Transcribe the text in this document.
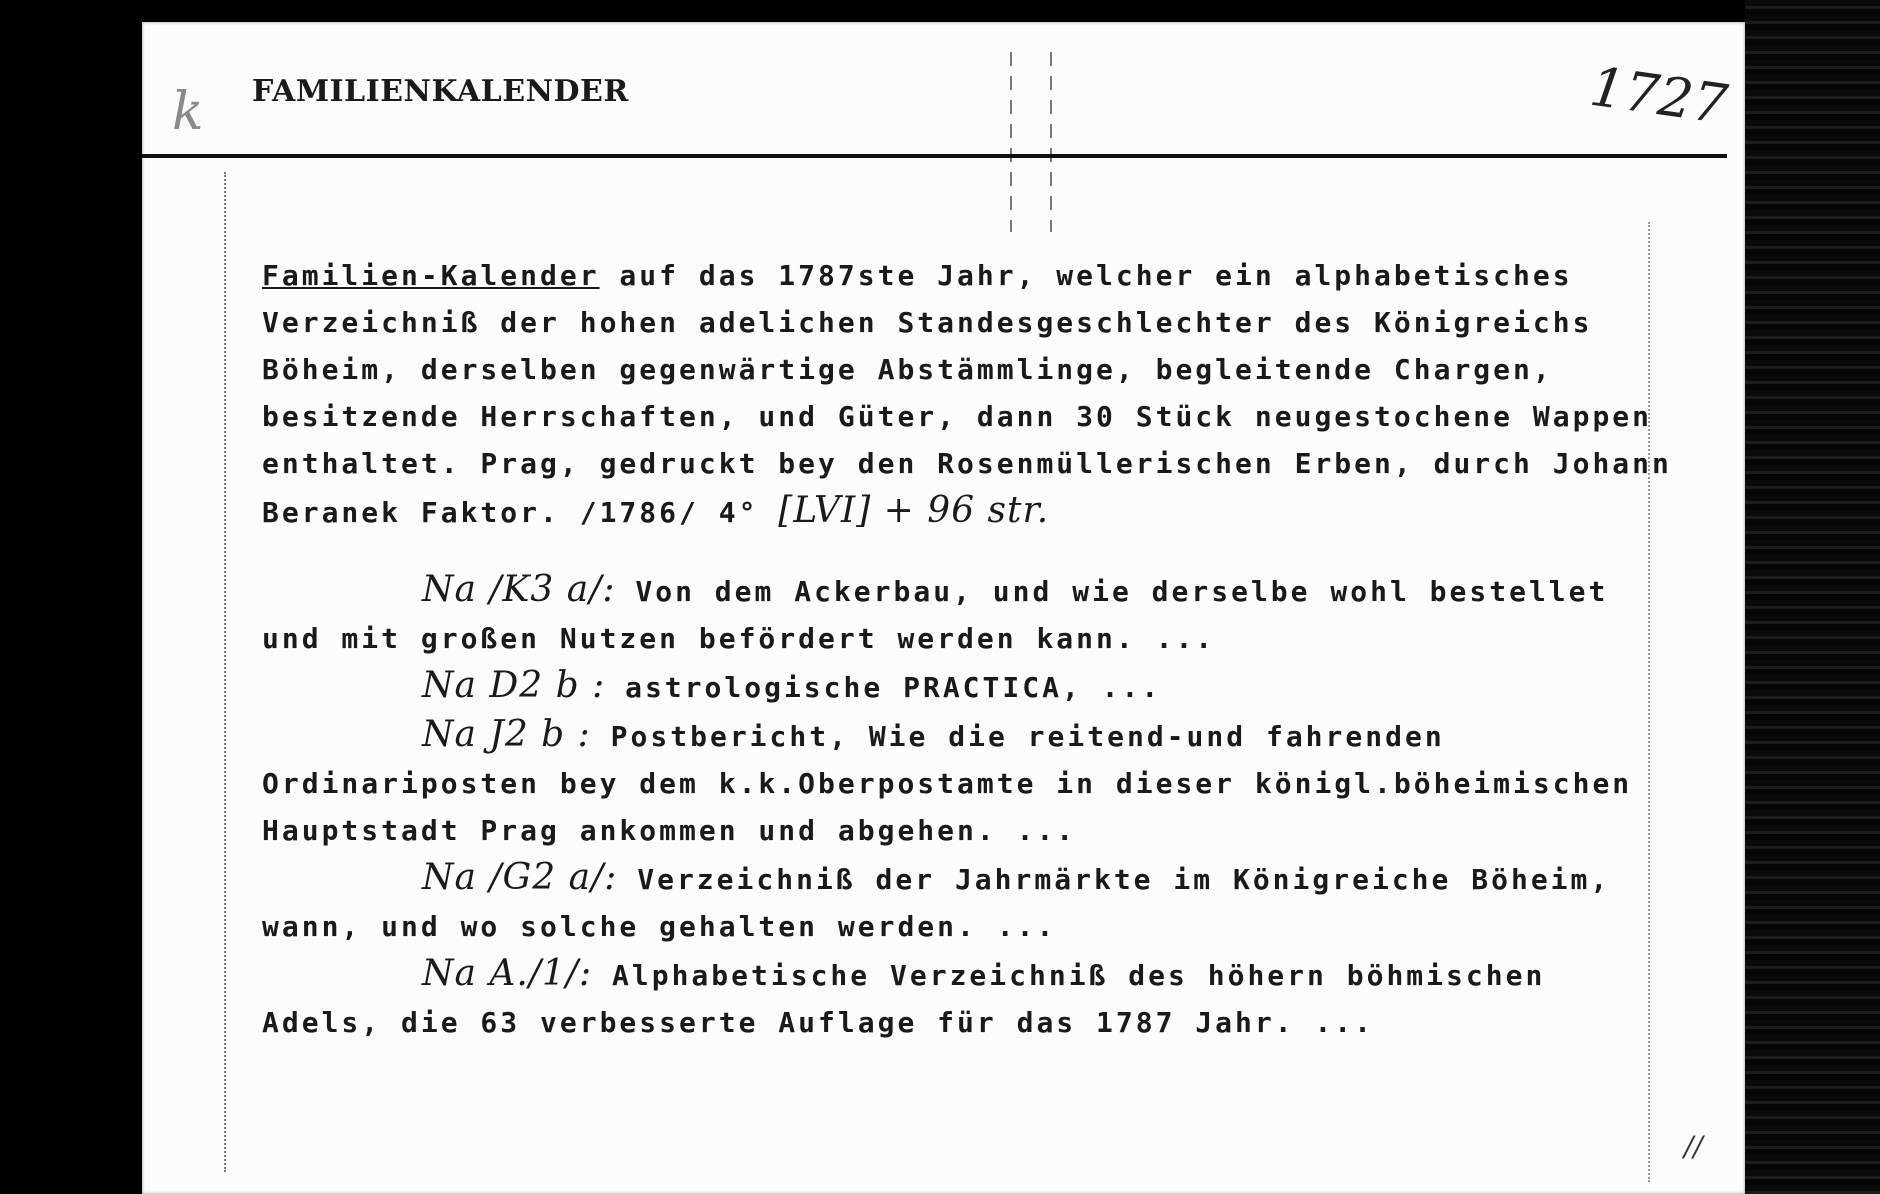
k FAMILIENKALENDER	1727

Familien-Kalender auf das 1787ste Jahr, welcher ein alphabetisches Verzeichniß der hohen adelichen Standesgeschlechter des Königreichs Böheim, derselben gegenwärtige Abstämmlinge, begleitende Chargen, besitzende Herrschaften, und Güter, dann 30 Stück neugestochene Wappen enthaltet. Prag, gedruckt bey den Rosenmüllerischen Erben, durch Johann Beranek Faktor. /1786/ 4° [LVI] + 96 str.

Na /K3 a/: Von dem Ackerbau, und wie derselbe wohl bestellet und mit großen Nutzen befördert werden kann. ...

Na D2 b : astrologische PRACTICA, ...

Na J2 b : Postbericht, Wie die reitend-und fahrenden Ordinariposten bey dem k.k.Oberpostamte in dieser königl.böheimischen Hauptstadt Prag ankommen und abgehen. ...

Na /G2 a/: Verzeichniß der Jahrmärkte im Königreiche Böheim, wann, und wo solche gehalten werden. ...

Na A./1/: Alphabetische Verzeichniß des höhern böhmischen Adels, die 63 verbesserte Auflage für das 1787 Jahr. ...

//
